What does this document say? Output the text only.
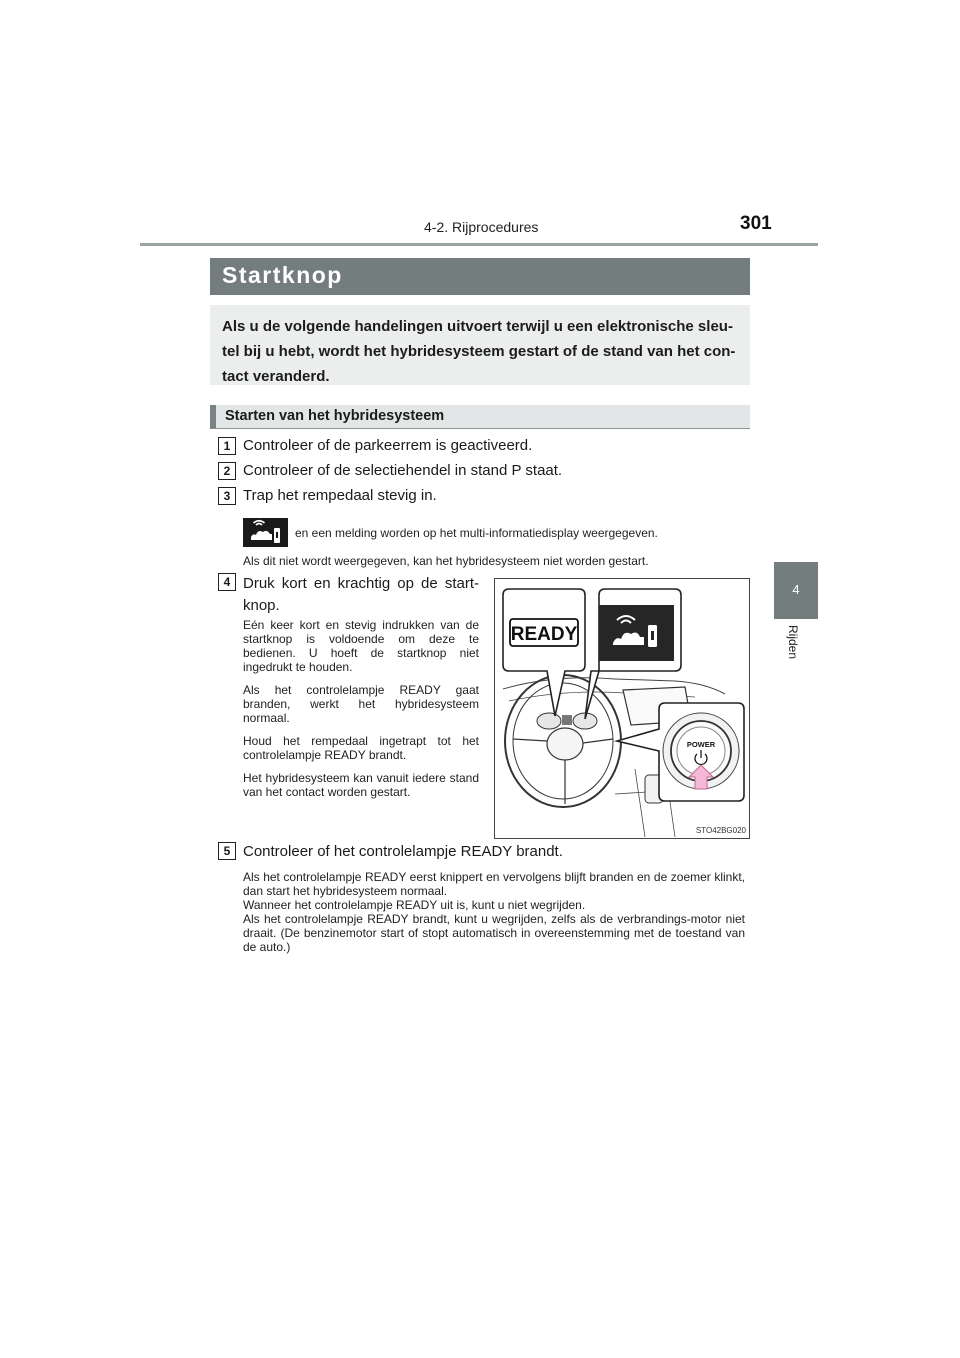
4-2. Rijprocedures	301
4
Rijden
Startknop
Als u de volgende handelingen uitvoert terwijl u een elektronische sleu-tel bij u hebt, wordt het hybridesysteem gestart of de stand van het con-tact veranderd.
Starten van het hybridesysteem
1 Controleer of de parkeerrem is geactiveerd.
2 Controleer of de selectiehendel in stand P staat.
3 Trap het rempedaal stevig in.
en een melding worden op het multi-informatiedisplay weergegeven.
Als dit niet wordt weergegeven, kan het hybridesysteem niet worden gestart.
4 Druk kort en krachtig op de start-knop.

Eén keer kort en stevig indrukken van de startknop is voldoende om deze te bedienen. U hoeft de startknop niet ingedrukt te houden.

Als het controlelampje READY gaat branden, werkt het hybridesysteem normaal.

Houd het rempedaal ingetrapt tot het controlelampje READY brandt.

Het hybridesysteem kan vanuit iedere stand van het contact worden gestart.

READY
POWER
STO42BG020
5 Controleer of het controlelampje READY brandt.

Als het controlelampje READY eerst knippert en vervolgens blijft branden en de zoemer klinkt, dan start het hybridesysteem normaal.

Wanneer het controlelampje READY uit is, kunt u niet wegrijden.

Als het controlelampje READY brandt, kunt u wegrijden, zelfs als de verbrandings-motor niet draait. (De benzinemotor start of stopt automatisch in overeenstemming met de toestand van de auto.)
